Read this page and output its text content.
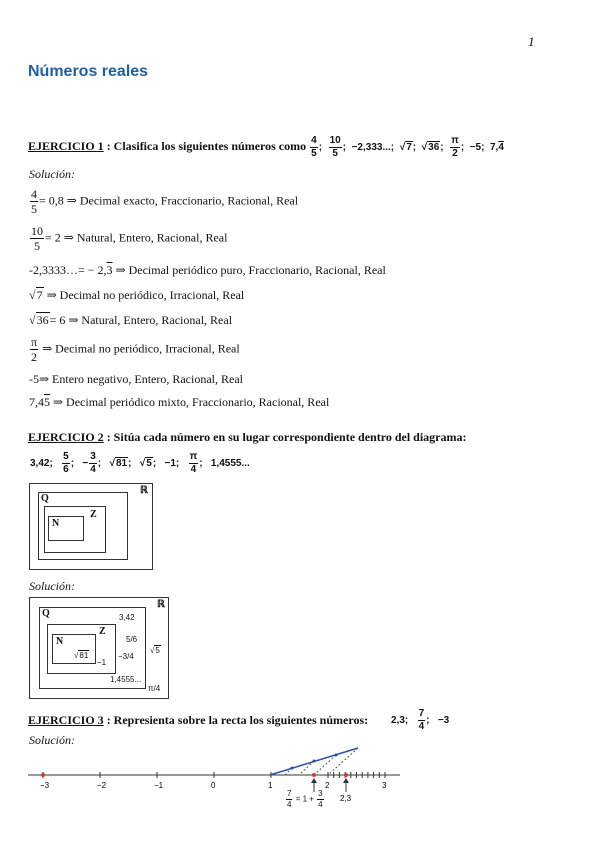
1
Números reales
EJERCICIO 1 : Clasifica los siguientes números como $\frac{4}{5}$ ; $\frac{10}{5}$ ;  −2,333...; √7;  √36; $\frac{\pi}{2}$ ;  −5; 7,4
Solución:
$\frac{4}{5} = 0,8$ ⇒ Decimal exacto, Fraccionario, Racional, Real
$\frac{10}{5} = 2$ ⇒ Natural, Entero, Racional, Real
-2,3333…= − 2,3 ⇒ Decimal periódico puro, Fraccionario, Racional, Real
√7 ⇒ Decimal no periódico, Irracional, Real
√36= 6 ⇒ Natural, Entero, Racional, Real
$\frac{\pi}{2}$ ⇒ Decimal no periódico, Irracional, Real
-5⇒ Entero negativo, Entero, Racional, Real
7,45 ⇒ Decimal periódico mixto, Fraccionario, Racional, Real
EJERCICIO 2 : Sitúa cada número en su lugar correspondiente dentro del diagrama:
3,42; $\frac{5}{6}$ ;   − $\frac{3}{4}$ ;   √81;   √5;   −1; $\frac{\pi}{4}$ ;   1,4555...
ℝ
Q
Z
N
Solución:
ℝ
Q
Z
N
3,42
5/6
−3/4
√81
−1
√5
1,4555...
π/4
EJERCICIO 3 : Represienta sobre la recta los siguientes números: 2,3; $\frac{7}{4}$ ;   −3
Solución:
−3	−2	−1	0	1	2	3
2,3
$\frac{7}{4} = 1 + \frac{3}{4}$
